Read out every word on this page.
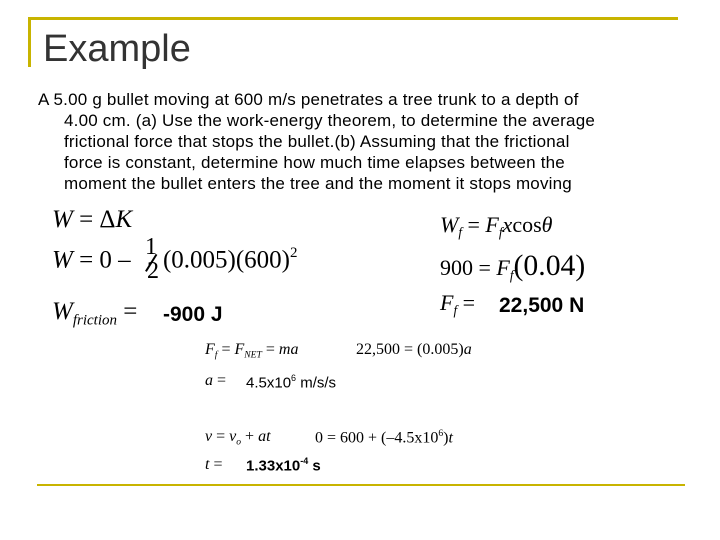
Example
A 5.00 g bullet moving at 600 m/s penetrates a tree trunk to a depth of
4.00 cm. (a) Use the work-energy theorem, to determine the average
frictional force that stops the bullet.(b) Assuming that the frictional
force is constant, determine how much time elapses between the
moment the bullet enters the tree and the moment it stops moving
W = ΔK
W = 0 – 1
2 $(0.005)(600)^2$
$W_{friction} = -900$ J
$W_f = F_fxcos\theta$
$900 = F_f(0.04)$
$F_f = 22,500$ N
$F_f = F_{NET}$ = ma	22,500 = (0.005)a
$a = 4.5x10^6$ m/s/s
$v = v_o$ + at	$0 = 600 + (-4.5x10^6)t$
$t = 1.33x10^{-4}$ s
